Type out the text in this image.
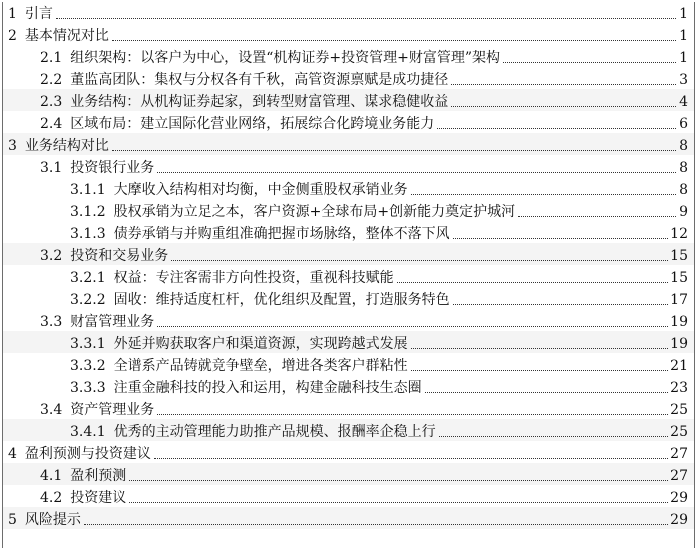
1 引言	1
2 基本情况对比	1
2.1 组织架构：以客户为中心，设置“机构证券+投资管理+财富管理”架构	1
2.2 董监高团队：集权与分权各有千秋，高管资源禀赋是成功捷径	3
2.3 业务结构：从机构证券起家，到转型财富管理、谋求稳健收益	4
2.4 区域布局：建立国际化营业网络，拓展综合化跨境业务能力	6
3 业务结构对比	8
3.1 投资银行业务	8
3.1.1 大摩收入结构相对均衡，中金侧重股权承销业务	8
3.1.2 股权承销为立足之本，客户资源+全球布局+创新能力奠定护城河	9
3.1.3 债券承销与并购重组准确把握市场脉络，整体不落下风	12
3.2 投资和交易业务	15
3.2.1 权益：专注客需非方向性投资，重视科技赋能	15
3.2.2 固收：维持适度杠杆，优化组织及配置，打造服务特色	17
3.3 财富管理业务	19
3.3.1 外延并购获取客户和渠道资源，实现跨越式发展	19
3.3.2 全谱系产品铸就竞争壁垒，增进各类客户群粘性	21
3.3.3 注重金融科技的投入和运用，构建金融科技生态圈	23
3.4 资产管理业务	25
3.4.1 优秀的主动管理能力助推产品规模、报酬率企稳上行	25
4 盈利预测与投资建议	27
4.1 盈利预测	27
4.2 投资建议	29
5 风险提示	29
